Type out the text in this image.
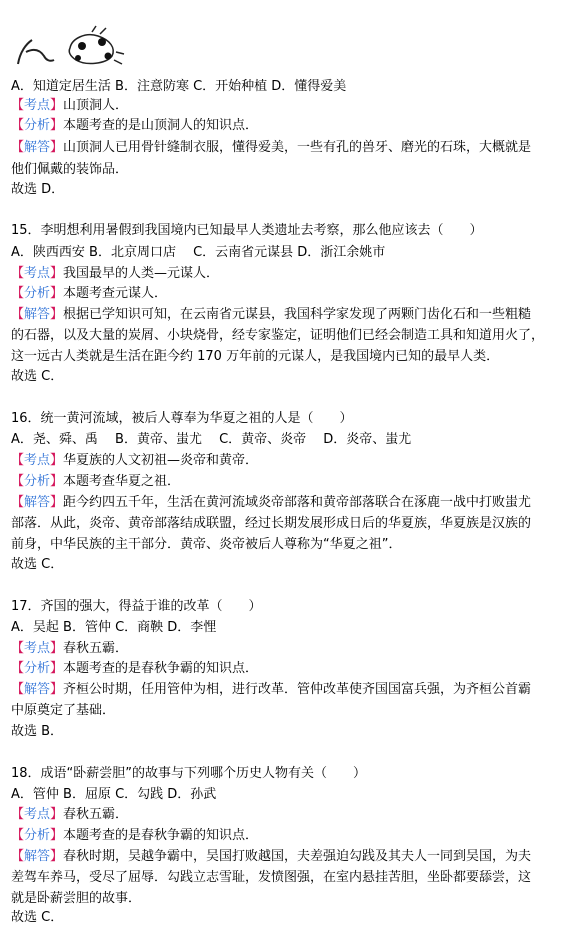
A．知道定居生活 B．注意防寒 C．开始种植 D．懂得爱美
【考点】山顶洞人．
【分析】本题考查的是山顶洞人的知识点．
【解答】山顶洞人已用骨针缝制衣服，懂得爱美，一些有孔的兽牙、磨光的石珠，大概就是
他们佩戴的装饰品．
故选 D．
15．李明想利用暑假到我国境内已知最早人类遗址去考察，那么他应该去（　　）
A．陕西西安 B．北京周口店　 C．云南省元谋县 D．浙江余姚市
【考点】我国最早的人类—元谋人．
【分析】本题考查元谋人．
【解答】根据已学知识可知，在云南省元谋县，我国科学家发现了两颗门齿化石和一些粗糙
的石器，以及大量的炭屑、小块烧骨，经专家鉴定，证明他们已经会制造工具和知道用火了，
这一远古人类就是生活在距今约 170 万年前的元谋人，是我国境内已知的最早人类．
故选 C．
16．统一黄河流域，被后人尊奉为华夏之祖的人是（　　）
A．尧、舜、禹　 B．黄帝、蚩尤　 C．黄帝、炎帝　 D．炎帝、蚩尤
【考点】华夏族的人文初祖—炎帝和黄帝．
【分析】本题考查华夏之祖．
【解答】距今约四五千年，生活在黄河流域炎帝部落和黄帝部落联合在涿鹿一战中打败蚩尤
部落．从此，炎帝、黄帝部落结成联盟，经过长期发展形成日后的华夏族，华夏族是汉族的
前身，中华民族的主干部分．黄帝、炎帝被后人尊称为“华夏之祖”．
故选 C．
17．齐国的强大，得益于谁的改革（　　）
A．吴起 B．管仲 C．商鞅 D．李悝
【考点】春秋五霸．
【分析】本题考查的是春秋争霸的知识点．
【解答】齐桓公时期，任用管仲为相，进行改革．管仲改革使齐国国富兵强，为齐桓公首霸
中原奠定了基础．
故选 B．
18．成语“卧薪尝胆”的故事与下列哪个历史人物有关（　　）
A．管仲 B．屈原 C．勾践 D．孙武
【考点】春秋五霸．
【分析】本题考查的是春秋争霸的知识点．
【解答】春秋时期，吴越争霸中，吴国打败越国，夫差强迫勾践及其夫人一同到吴国，为夫
差驾车养马，受尽了屈辱．勾践立志雪耻，发愤图强，在室内悬挂苦胆，坐卧都要舔尝，这
就是卧薪尝胆的故事．
故选 C．
